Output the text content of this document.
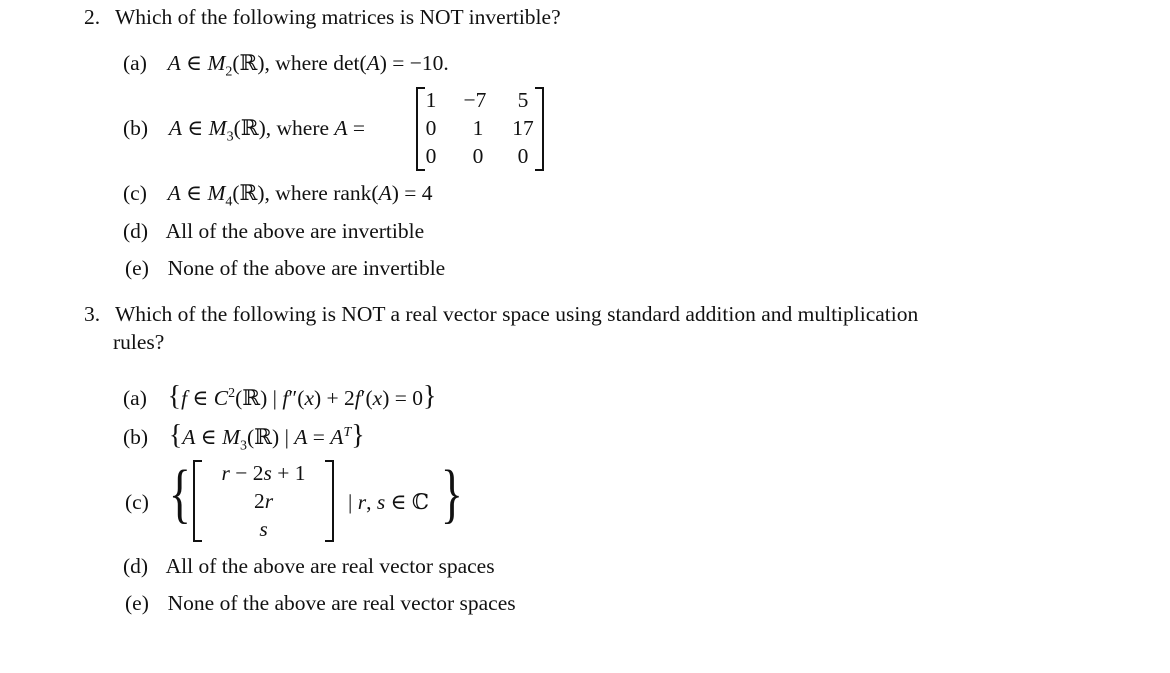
2. Which of the following matrices is NOT invertible?
(a) A ∈ $M_2(ℝ)$, where det(A) = −10.
(b) A ∈ $M_3(ℝ)$, where A =
1 −7	5
0	1	17
0	0	0
(c) A ∈ $M_4(ℝ)$, where rank(A) = 4
(d) All of the above are invertible
(e) None of the above are invertible
3. Which of the following is NOT a real vector space using standard addition and multiplication
rules?
(a) {f ∈ $C^2(ℝ)$ | f″(x) + 2f′(x) = 0}
(b) {A ∈ $M_3(ℝ)$ | $A = A^T$}
(c) {	r − 2s + 1
2r
s
| r, s ∈ ℂ }
(d) All of the above are real vector spaces
(e) None of the above are real vector spaces
